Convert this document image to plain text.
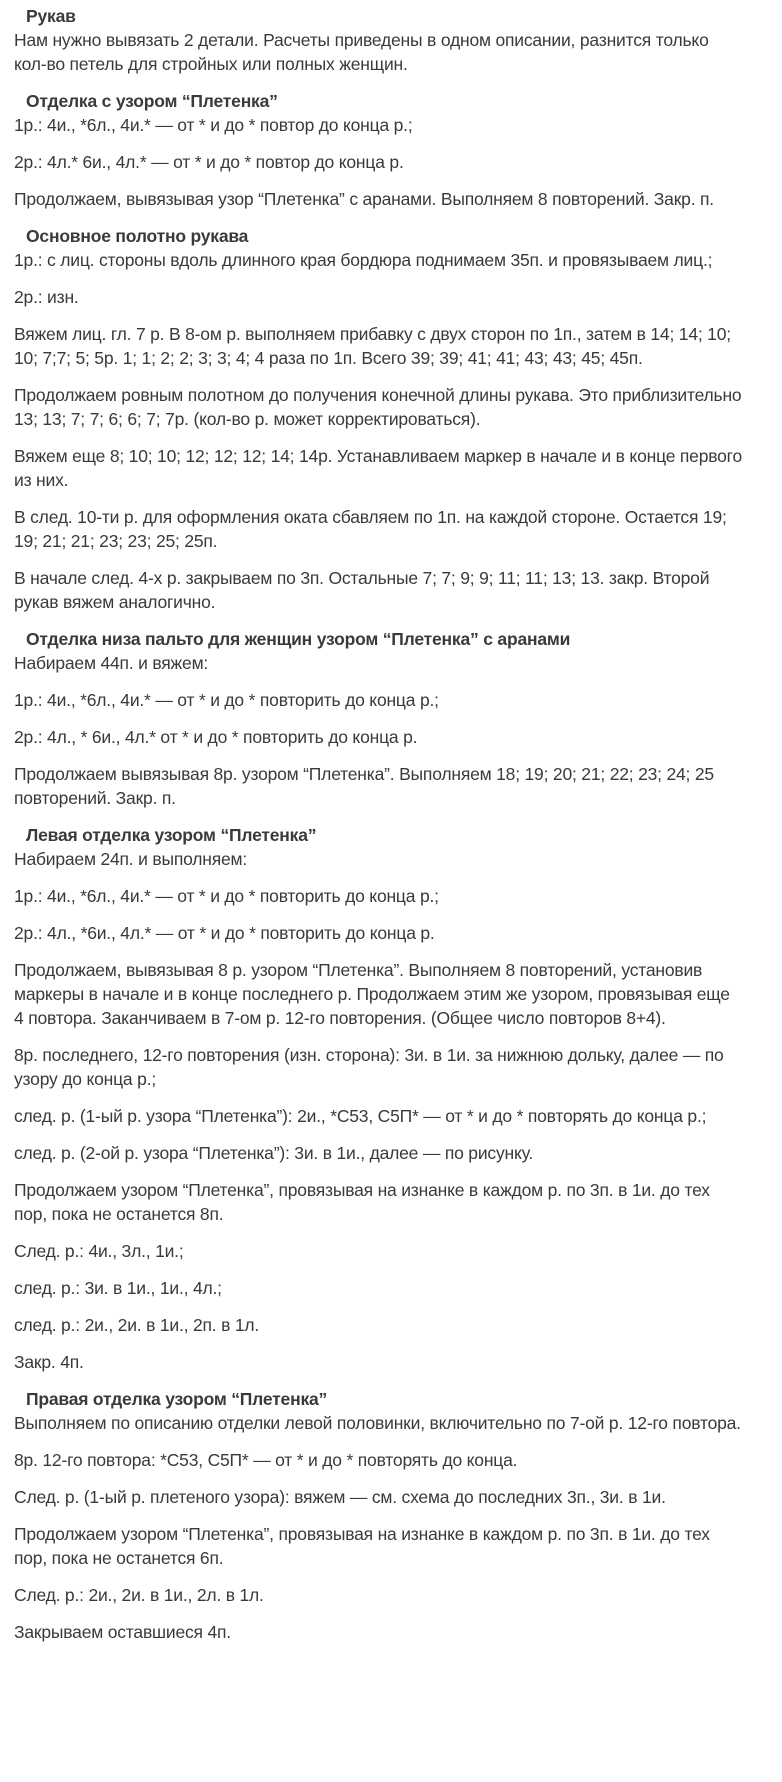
Рукав

Нам нужно вывязать 2 детали. Расчеты приведены в одном описании, разнится только кол-во петель для стройных или полных женщин.

Отделка с узором “Плетенка”

1р.: 4и., *6л., 4и.* — от * и до * повтор до конца р.;

2р.: 4л.* 6и., 4л.* — от * и до * повтор до конца р.

Продолжаем, вывязывая узор “Плетенка” с аранами. Выполняем 8 повторений. Закр. п.

Основное полотно рукава

1р.: с лиц. стороны вдоль длинного края бордюра поднимаем 35п. и провязываем лиц.;

2р.: изн.

Вяжем лиц. гл. 7 р. В 8-ом р. выполняем прибавку с двух сторон по 1п., затем в 14; 14; 10; 10; 7;7; 5; 5р. 1; 1; 2; 2; 3; 3; 4; 4 раза по 1п. Всего 39; 39; 41; 41; 43; 43; 45; 45п.

Продолжаем ровным полотном до получения конечной длины рукава. Это приблизительно 13; 13; 7; 7; 6; 6; 7; 7р. (кол-во р. может корректироваться).

Вяжем еще 8; 10; 10; 12; 12; 12; 14; 14р. Устанавливаем маркер в начале и в конце первого из них.

В след. 10-ти р. для оформления оката сбавляем по 1п. на каждой стороне. Остается 19; 19; 21; 21; 23; 23; 25; 25п.

В начале след. 4-х р. закрываем по 3п. Остальные 7; 7; 9; 9; 11; 11; 13; 13. закр. Второй рукав вяжем аналогично.

Отделка низа пальто для женщин узором “Плетенка” с аранами

Набираем 44п. и вяжем:

1р.: 4и., *6л., 4и.* — от * и до * повторить до конца р.;

2р.: 4л., * 6и., 4л.* от * и до * повторить до конца р.

Продолжаем вывязывая 8р. узором “Плетенка”. Выполняем 18; 19; 20; 21; 22; 23; 24; 25 повторений. Закр. п.

Левая отделка узором “Плетенка”

Набираем 24п. и выполняем:

1р.: 4и., *6л., 4и.* — от * и до * повторить до конца р.;

2р.: 4л., *6и., 4л.* — от * и до * повторить до конца р.

Продолжаем, вывязывая 8 р. узором “Плетенка”. Выполняем 8 повторений, установив маркеры в начале и в конце последнего р. Продолжаем этим же узором, провязывая еще 4 повтора. Заканчиваем в 7-ом р. 12-го повторения. (Общее число повторов 8+4).

8р. последнего, 12-го повторения (изн. сторона): 3и. в 1и. за нижнюю дольку, далее — по узору до конца р.;

след. р. (1-ый р. узора “Плетенка”): 2и., *С53, С5П* — от * и до * повторять до конца р.;

след. р. (2-ой р. узора “Плетенка”): 3и. в 1и., далее — по рисунку.

Продолжаем узором “Плетенка”, провязывая на изнанке в каждом р. по 3п. в 1и. до тех пор, пока не останется 8п.

След. р.: 4и., 3л., 1и.;

след. р.: 3и. в 1и., 1и., 4л.;

след. р.: 2и., 2и. в 1и., 2п. в 1л.

Закр. 4п.

Правая отделка узором “Плетенка”

Выполняем по описанию отделки левой половинки, включительно по 7-ой р. 12-го повтора.

8р. 12-го повтора: *С53, С5П* — от * и до * повторять до конца.

След. р. (1-ый р. плетеного узора): вяжем — см. схема до последних 3п., 3и. в 1и.

Продолжаем узором “Плетенка”, провязывая на изнанке в каждом р. по 3п. в 1и. до тех пор, пока не останется 6п.

След. р.: 2и., 2и. в 1и., 2л. в 1л.

Закрываем оставшиеся 4п.
